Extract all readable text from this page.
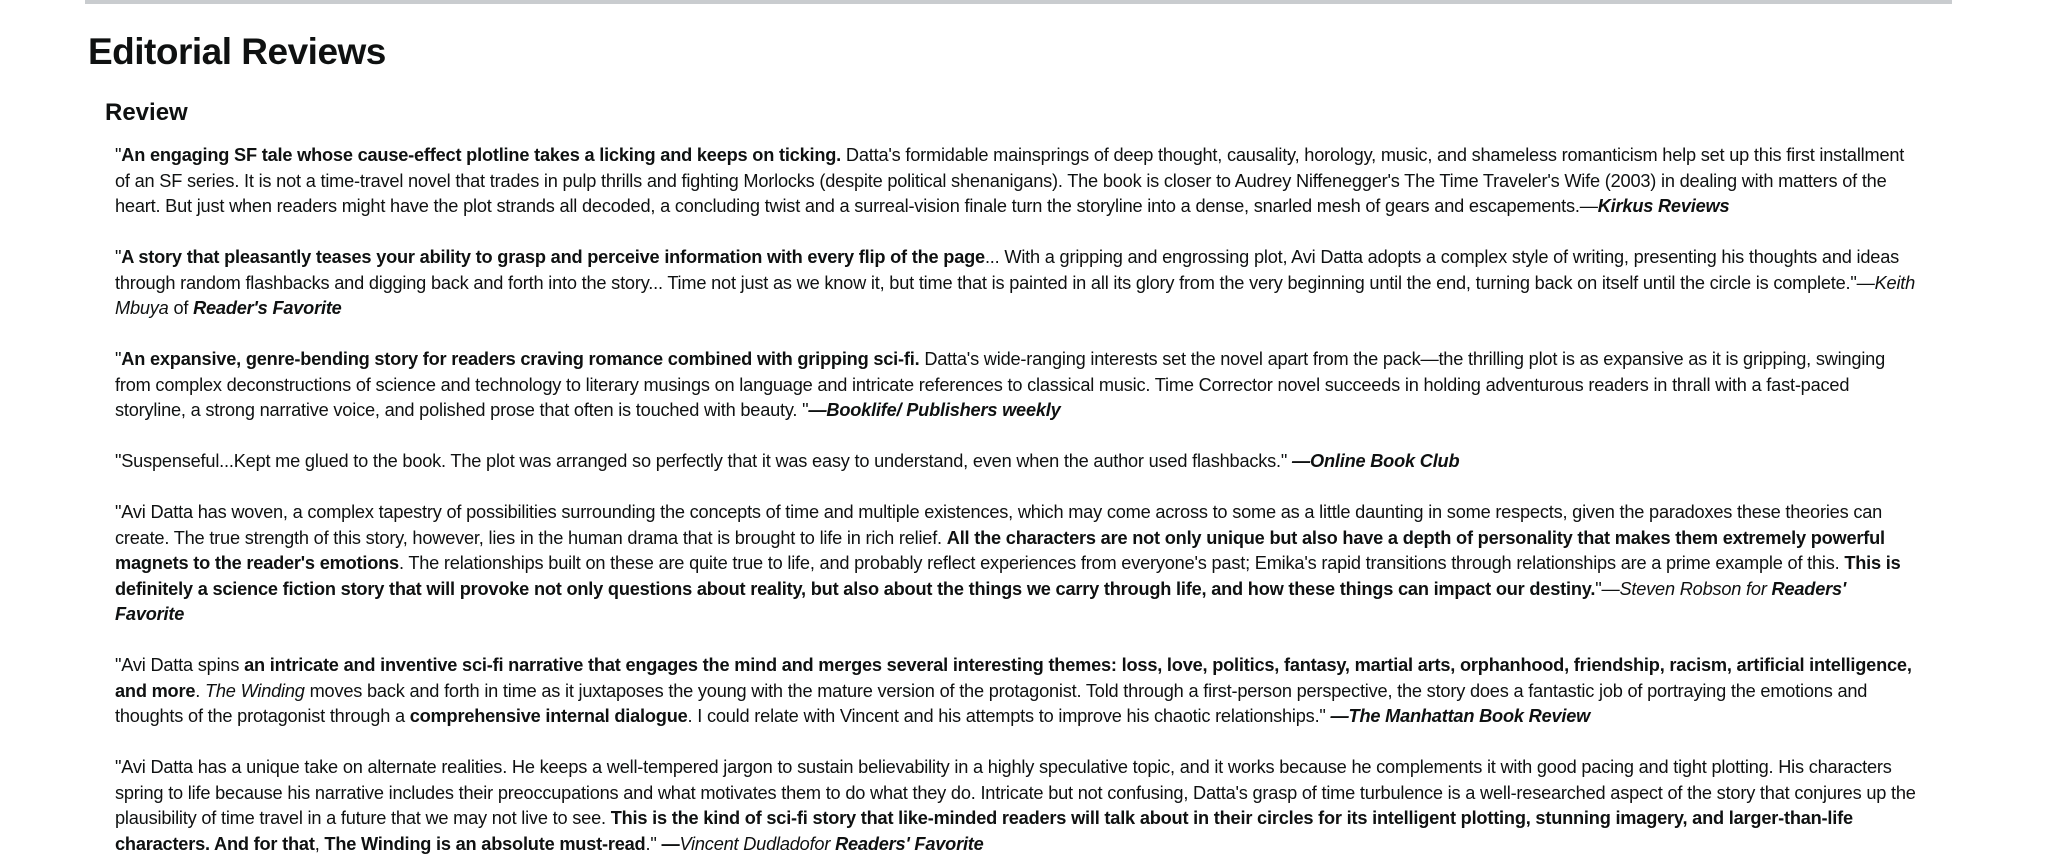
Editorial Reviews
Review

"An engaging SF tale whose cause-effect plotline takes a licking and keeps on ticking. Datta's formidable mainsprings of deep thought, causality, horology, music, and shameless romanticism help set up this first installment of an SF series. It is not a time-travel novel that trades in pulp thrills and fighting Morlocks (despite political shenanigans). The book is closer to Audrey Niffenegger's The Time Traveler's Wife (2003) in dealing with matters of the heart. But just when readers might have the plot strands all decoded, a concluding twist and a surreal-vision finale turn the storyline into a dense, snarled mesh of gears and escapements.—Kirkus Reviews

"A story that pleasantly teases your ability to grasp and perceive information with every flip of the page... With a gripping and engrossing plot, Avi Datta adopts a complex style of writing, presenting his thoughts and ideas through random flashbacks and digging back and forth into the story... Time not just as we know it, but time that is painted in all its glory from the very beginning until the end, turning back on itself until the circle is complete."—Keith Mbuya of Reader's Favorite

"An expansive, genre-bending story for readers craving romance combined with gripping sci-fi. Datta's wide-ranging interests set the novel apart from the pack—the thrilling plot is as expansive as it is gripping, swinging from complex deconstructions of science and technology to literary musings on language and intricate references to classical music. Time Corrector novel succeeds in holding adventurous readers in thrall with a fast-paced storyline, a strong narrative voice, and polished prose that often is touched with beauty. "—Booklife/ Publishers weekly

"Suspenseful...Kept me glued to the book. The plot was arranged so perfectly that it was easy to understand, even when the author used flashbacks." —Online Book Club

"Avi Datta has woven, a complex tapestry of possibilities surrounding the concepts of time and multiple existences, which may come across to some as a little daunting in some respects, given the paradoxes these theories can create. The true strength of this story, however, lies in the human drama that is brought to life in rich relief. All the characters are not only unique but also have a depth of personality that makes them extremely powerful magnets to the reader's emotions. The relationships built on these are quite true to life, and probably reflect experiences from everyone's past; Emika's rapid transitions through relationships are a prime example of this. This is definitely a science fiction story that will provoke not only questions about reality, but also about the things we carry through life, and how these things can impact our destiny."—Steven Robson for Readers' Favorite

"Avi Datta spins an intricate and inventive sci-fi narrative that engages the mind and merges several interesting themes: loss, love, politics, fantasy, martial arts, orphanhood, friendship, racism, artificial intelligence, and more. The Winding moves back and forth in time as it juxtaposes the young with the mature version of the protagonist. Told through a first-person perspective, the story does a fantastic job of portraying the emotions and thoughts of the protagonist through a comprehensive internal dialogue. I could relate with Vincent and his attempts to improve his chaotic relationships." —The Manhattan Book Review

"Avi Datta has a unique take on alternate realities. He keeps a well-tempered jargon to sustain believability in a highly speculative topic, and it works because he complements it with good pacing and tight plotting. His characters spring to life because his narrative includes their preoccupations and what motivates them to do what they do. Intricate but not confusing, Datta's grasp of time turbulence is a well-researched aspect of the story that conjures up the plausibility of time travel in a future that we may not live to see. This is the kind of sci-fi story that like-minded readers will talk about in their circles for its intelligent plotting, stunning imagery, and larger-than-life characters. And for that, The Winding is an absolute must-read." —Vincent Dudladofor Readers' Favorite
